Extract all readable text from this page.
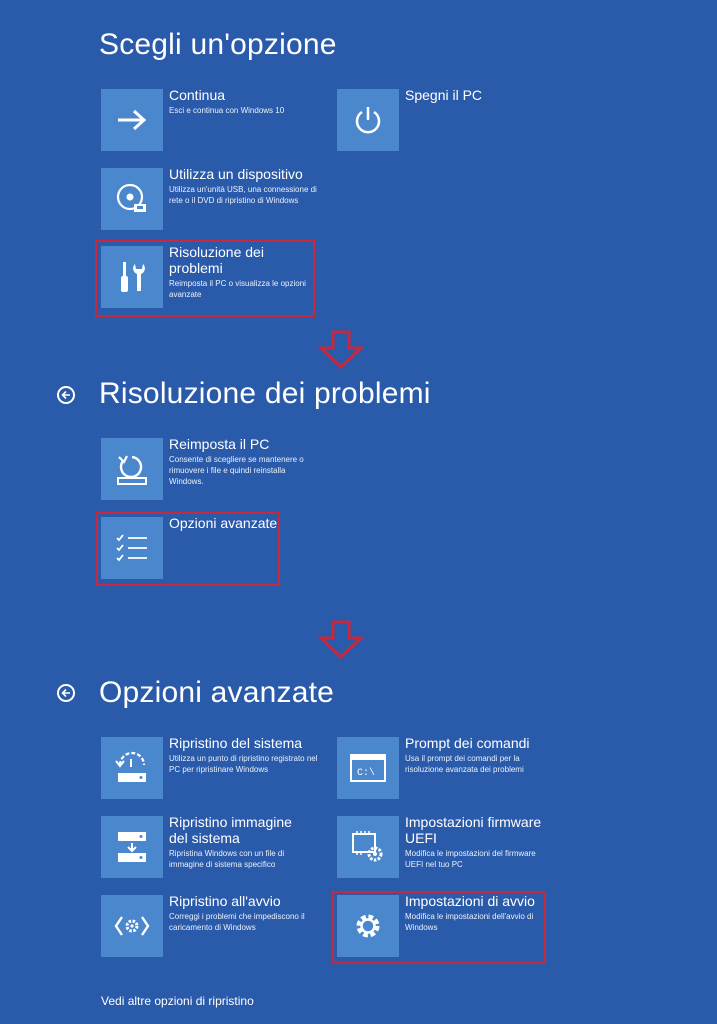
Scegli un'opzione
Continua
Esci e continua con Windows 10
Spegni il PC
Utilizza un dispositivo
Utilizza un'unità USB, una connessione di rete o il DVD di ripristino di Windows
Risoluzione dei problemi
Reimposta il PC o visualizza le opzioni avanzate
Risoluzione dei problemi
Reimposta il PC
Consente di scegliere se mantenere o rimuovere i file e quindi reinstalla Windows.
Opzioni avanzate
Opzioni avanzate
Ripristino del sistema
Utilizza un punto di ripristino registrato nel PC per ripristinare Windows	C:\
Prompt dei comandi
Usa il prompt dei comandi per la risoluzione avanzata dei problemi
Ripristino immagine del sistema
Ripristina Windows con un file di immagine di sistema specifico
Impostazioni firmware UEFI
Modifica le impostazioni del firmware UEFI nel tuo PC
Ripristino all'avvio
Correggi i problemi che impediscono il caricamento di Windows
Impostazioni di avvio
Modifica le impostazioni dell'avvio di Windows
Vedi altre opzioni di ripristino
